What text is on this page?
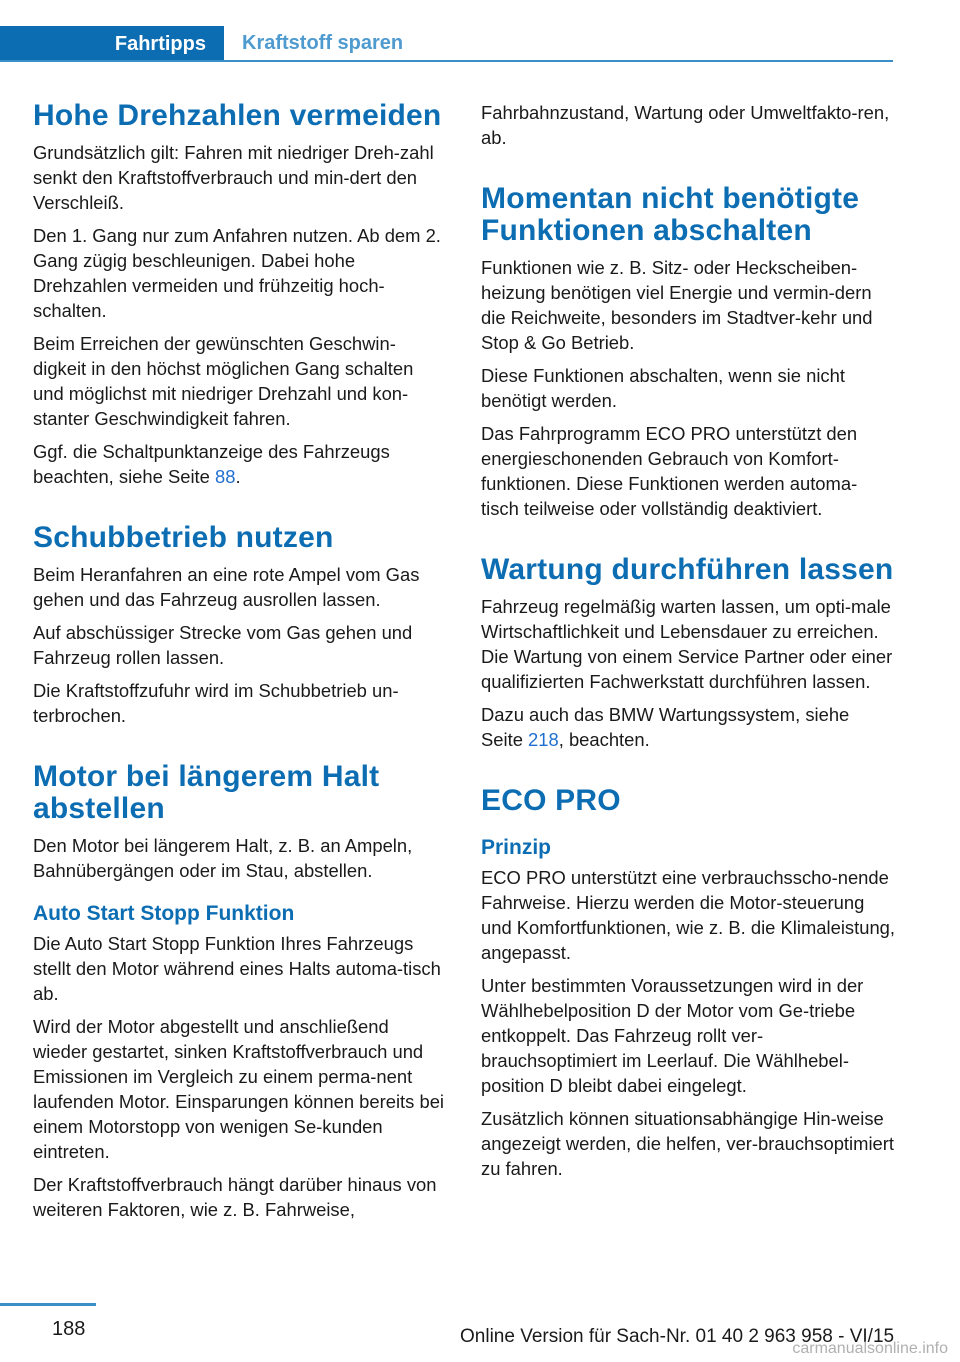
Fahrtipps	Kraftstoff sparen
Hohe Drehzahlen vermeiden

Grundsätzlich gilt: Fahren mit niedriger Dreh‐zahl senkt den Kraftstoffverbrauch und min‐dert den Verschleiß.

Den 1. Gang nur zum Anfahren nutzen. Ab dem 2. Gang zügig beschleunigen. Dabei hohe Drehzahlen vermeiden und frühzeitig hoch‐schalten.

Beim Erreichen der gewünschten Geschwin‐digkeit in den höchst möglichen Gang schalten und möglichst mit niedriger Drehzahl und kon‐stanter Geschwindigkeit fahren.

Ggf. die Schaltpunktanzeige des Fahrzeugs beachten, siehe Seite 88.

Schubbetrieb nutzen

Beim Heranfahren an eine rote Ampel vom Gas gehen und das Fahrzeug ausrollen lassen.

Auf abschüssiger Strecke vom Gas gehen und Fahrzeug rollen lassen.

Die Kraftstoffzufuhr wird im Schubbetrieb un‐terbrochen.

Motor bei längerem Halt abstellen

Den Motor bei längerem Halt, z. B. an Ampeln, Bahnübergängen oder im Stau, abstellen.

Auto Start Stopp Funktion

Die Auto Start Stopp Funktion Ihres Fahrzeugs stellt den Motor während eines Halts automa‐tisch ab.

Wird der Motor abgestellt und anschließend wieder gestartet, sinken Kraftstoffverbrauch und Emissionen im Vergleich zu einem perma‐nent laufenden Motor. Einsparungen können bereits bei einem Motorstopp von wenigen Se‐kunden eintreten.

Der Kraftstoffverbrauch hängt darüber hinaus von weiteren Faktoren, wie z. B. Fahrweise,

Fahrbahnzustand, Wartung oder Umweltfakto‐ren, ab.

Momentan nicht benötigte Funktionen abschalten

Funktionen wie z. B. Sitz- oder Heckscheiben‐heizung benötigen viel Energie und vermin‐dern die Reichweite, besonders im Stadtver‐kehr und Stop & Go Betrieb.

Diese Funktionen abschalten, wenn sie nicht benötigt werden.

Das Fahrprogramm ECO PRO unterstützt den energieschonenden Gebrauch von Komfort‐funktionen. Diese Funktionen werden automa‐tisch teilweise oder vollständig deaktiviert.

Wartung durchführen lassen

Fahrzeug regelmäßig warten lassen, um opti‐male Wirtschaftlichkeit und Lebensdauer zu erreichen. Die Wartung von einem Service Partner oder einer qualifizierten Fachwerkstatt durchführen lassen.

Dazu auch das BMW Wartungssystem, siehe Seite 218, beachten.

ECO PRO
Prinzip

ECO PRO unterstützt eine verbrauchsscho‐nende Fahrweise. Hierzu werden die Motor‐steuerung und Komfortfunktionen, wie z. B. die Klimaleistung, angepasst.

Unter bestimmten Voraussetzungen wird in der Wählhebelposition D der Motor vom Ge‐triebe entkoppelt. Das Fahrzeug rollt ver‐brauchsoptimiert im Leerlauf. Die Wählhebel‐position D bleibt dabei eingelegt.

Zusätzlich können situationsabhängige Hin‐weise angezeigt werden, die helfen, ver‐brauchsoptimiert zu fahren.

188	Online Version für Sach-Nr. 01 40 2 963 958 - VI/15
carmanualsonline.info
